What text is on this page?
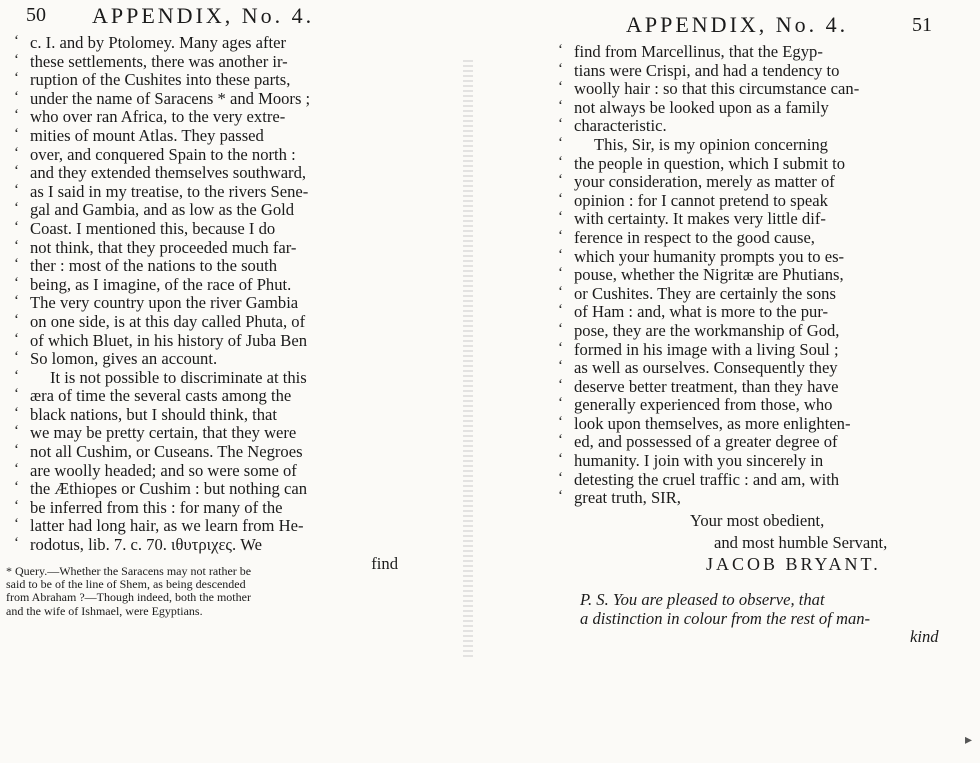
50 APPENDIX, No. 4.
‘ c. I. and by Ptolomey. Many ages after
‘ these settlements, there was another ir-
‘ ruption of the Cushites into these parts,
‘ under the name of Saracens * and Moors ;
‘ who over ran Africa, to the very extre-
‘ mities of mount Atlas. They passed
‘ over, and conquered Spain to the north :
‘ and they extended themselves southward,
‘ as I said in my treatise, to the rivers Sene-
‘ gal and Gambia, and as low as the Gold
‘ Coast. I mentioned this, because I do
‘ not think, that they proceeded much far-
‘ ther : most of the nations to the south
‘ being, as I imagine, of the race of Phut.
‘ The very country upon the river Gambia
‘ on one side, is at this day called Phuta, of
‘ of which Bluet, in his history of Juba Ben
‘ So lomon, gives an account.
‘ It is not possible to discriminate at this
‘ æra of time the several casts among the
‘ black nations, but I should think, that
‘ we may be pretty certain, that they were
‘ not all Cushim, or Cuseans. The Negroes
‘ are woolly headed; and so were some of
‘ the Æthiopes or Cushim : but nothing can
‘ be inferred from this : for many of the
‘ latter had long hair, as we learn from He-
‘ rodotus, lib. 7. c. 70. ιθυτριχες. We
find
* Query.—Whether the Saracens may not rather be
said to be of the line of Shem, as being descended
from Abraham ?—Though indeed, both the mother
and the wife of Ishmael, were Egyptians.
APPENDIX, No. 4.	51
‘ find from Marcellinus, that the Egyp-
‘ tians were Crispi, and had a tendency to
‘ woolly hair : so that this circumstance can-
‘ not always be looked upon as a family
‘ characteristic.
‘ This, Sir, is my opinion concerning
‘ the people in question, which I submit to
‘ your consideration, merely as matter of
‘ opinion : for I cannot pretend to speak
‘ with certainty. It makes very little dif-
‘ ference in respect to the good cause,
‘ which your humanity prompts you to es-
‘ pouse, whether the Nigritæ are Phutians,
‘ or Cushites. They are certainly the sons
‘ of Ham : and, what is more to the pur-
‘ pose, they are the workmanship of God,
‘ formed in his image with a living Soul ;
‘ as well as ourselves. Consequently they
‘ deserve better treatment, than they have
‘ generally experienced from those, who
‘ look upon themselves, as more enlighten-
‘ ed, and possessed of a greater degree of
‘ humanity. I join with you sincerely in
‘ detesting the cruel traffic : and am, with
‘ great truth, SIR,
Your most obedient,
and most humble Servant,
JACOB BRYANT.
P. S. You are pleased to observe, that
a distinction in colour from the rest of man-
kind
▸
